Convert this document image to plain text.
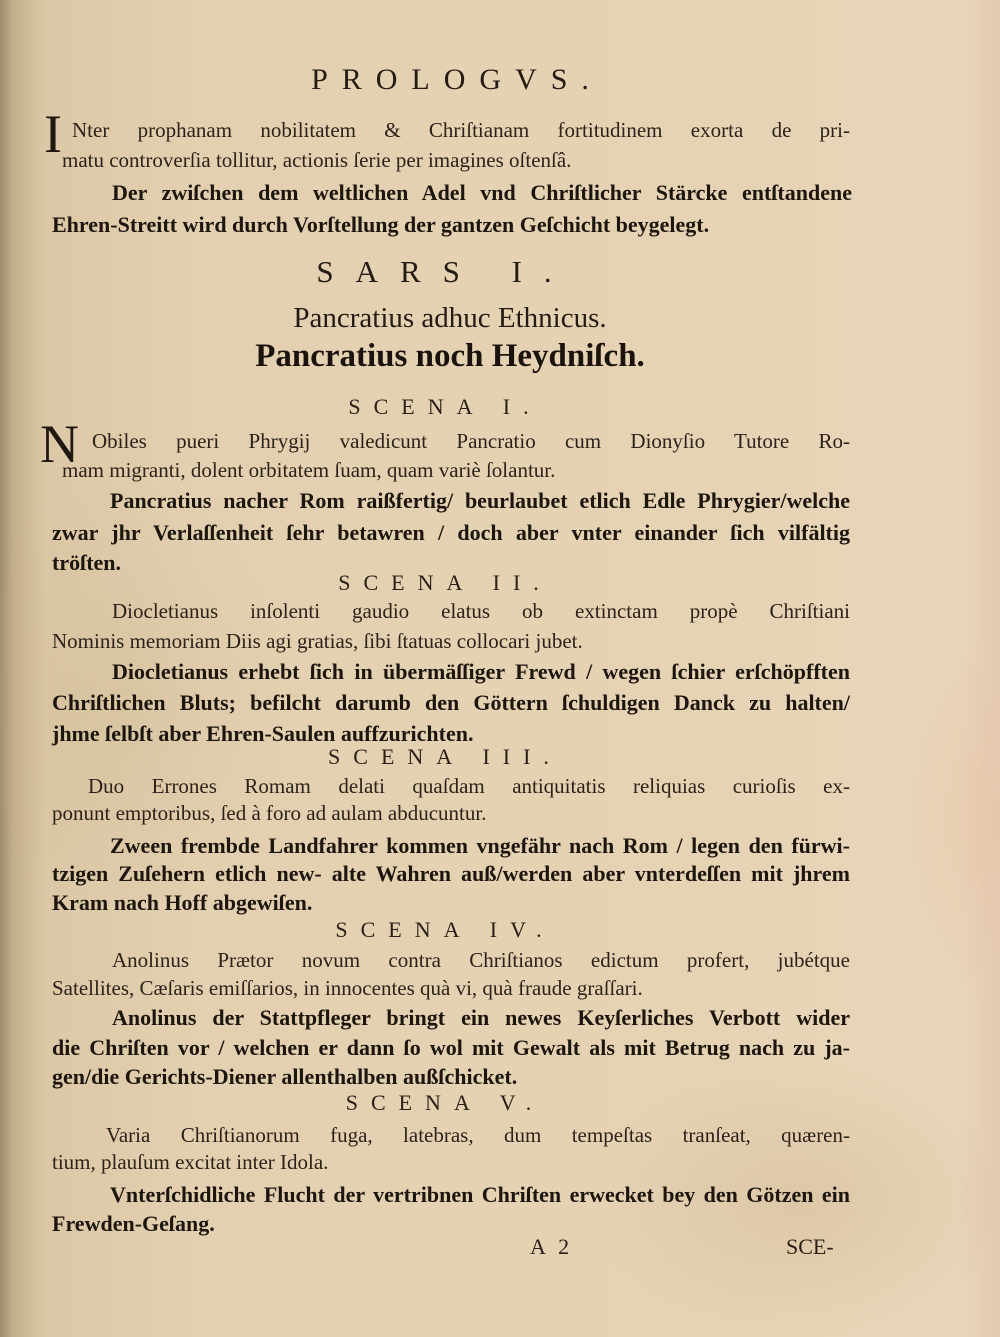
PROLOGVS.
I Nter prophanam nobilitatem & Chriſtianam fortitudinem exorta de pri-
matu controverſia tollitur, actionis ſerie per imagines oſtenſâ.
Der zwiſchen dem weltlichen Adel vnd Chriſtlicher Stärcke entſtandene
Ehren-Streitt wird durch Vorſtellung der gantzen Geſchicht beygelegt.
SARS I.
Pancratius adhuc Ethnicus.
Pancratius noch Heydniſch.
SCENA I.
N Obiles pueri Phrygij valedicunt Pancratio cum Dionyſio Tutore Ro-
mam migranti, dolent orbitatem ſuam, quam variè ſolantur.
Pancratius nacher Rom raißfertig/ beurlaubet etlich Edle Phrygier/welche
zwar jhr Verlaſſenheit ſehr betawren / doch aber vnter einander ſich vilfältig
tröſten.
SCENA II.
Diocletianus inſolenti gaudio elatus ob extinctam propè Chriſtiani
Nominis memoriam Diis agi gratias, ſibi ſtatuas collocari jubet.
Diocletianus erhebt ſich in übermäſſiger Frewd / wegen ſchier erſchöpfften
Chriſtlichen Bluts; befilcht darumb den Göttern ſchuldigen Danck zu halten/
jhme ſelbſt aber Ehren-Saulen auffzurichten.
SCENA III.
Duo Errones Romam delati quaſdam antiquitatis reliquias curioſis ex-
ponunt emptoribus, ſed à foro ad aulam abducuntur.
Zween frembde Landfahrer kommen vngefähr nach Rom / legen den fürwi-
tzigen Zuſehern etlich new- alte Wahren auß/werden aber vnterdeſſen mit jhrem
Kram nach Hoff abgewiſen.
SCENA IV.
Anolinus Prætor novum contra Chriſtianos edictum profert, jubétque
Satellites, Cæſaris emiſſarios, in innocentes quà vi, quà fraude graſſari.
Anolinus der Stattpfleger bringt ein newes Keyſerliches Verbott wider
die Chriſten vor / welchen er dann ſo wol mit Gewalt als mit Betrug nach zu ja-
gen/die Gerichts-Diener allenthalben außſchicket.
SCENA V.
Varia Chriſtianorum fuga, latebras, dum tempeſtas tranſeat, quæren-
tium, plauſum excitat inter Idola.
Vnterſchidliche Flucht der vertribnen Chriſten erwecket bey den Götzen ein
Frewden-Geſang.
A 2	SCE-
